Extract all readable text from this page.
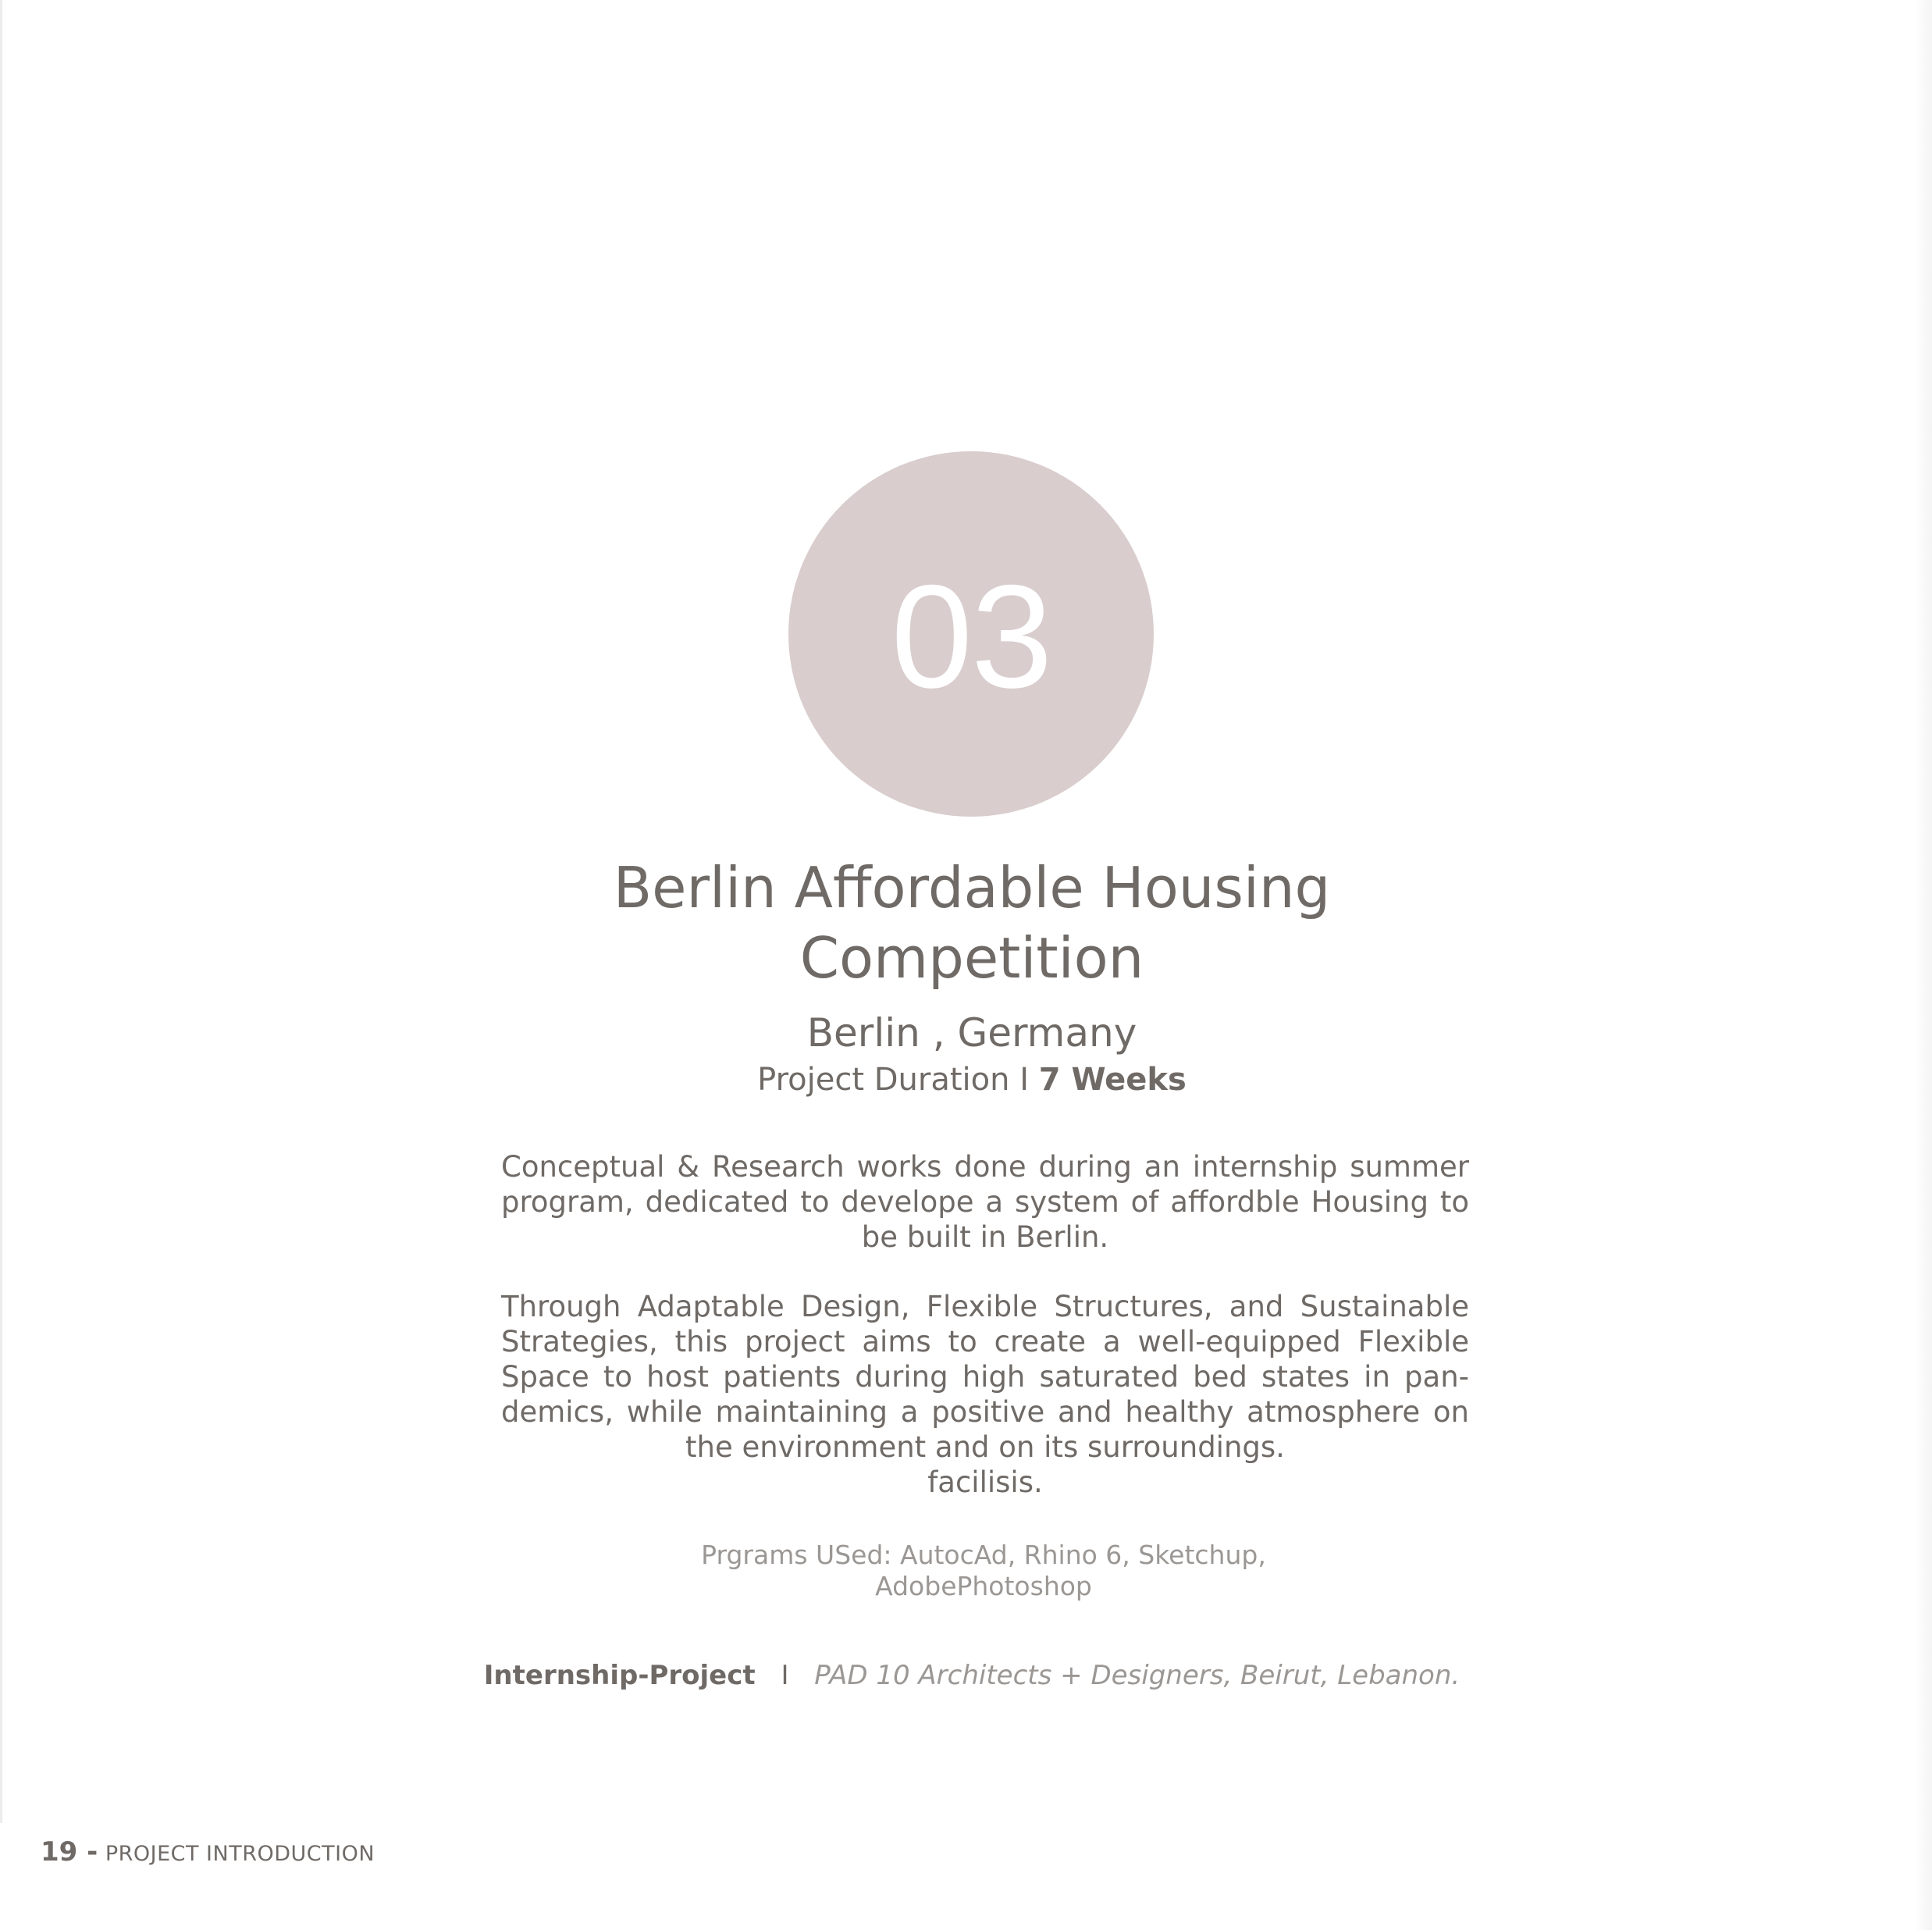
03
Berlin Affordable Housing Competition
Berlin , Germany
Project Duration I 7 Weeks

Conceptual & Research works done during an internship summer program, dedicated to develope a system of affordble Housing to be built in Berlin.

Through Adaptable Design, Flexible Structures, and Sustainable Strategies, this project aims to create a well-equipped Flexible Space to host patients during high saturated bed states in pan-demics, while maintaining a positive and healthy atmosphere on the environment and on its surroundings.

facilisis.
Prgrams USed: AutocAd, Rhino 6, Sketchup,
AdobePhotoshop
Internship-Project I PAD 10 Architects + Designers, Beirut, Lebanon.
19 - PROJECT INTRODUCTION
